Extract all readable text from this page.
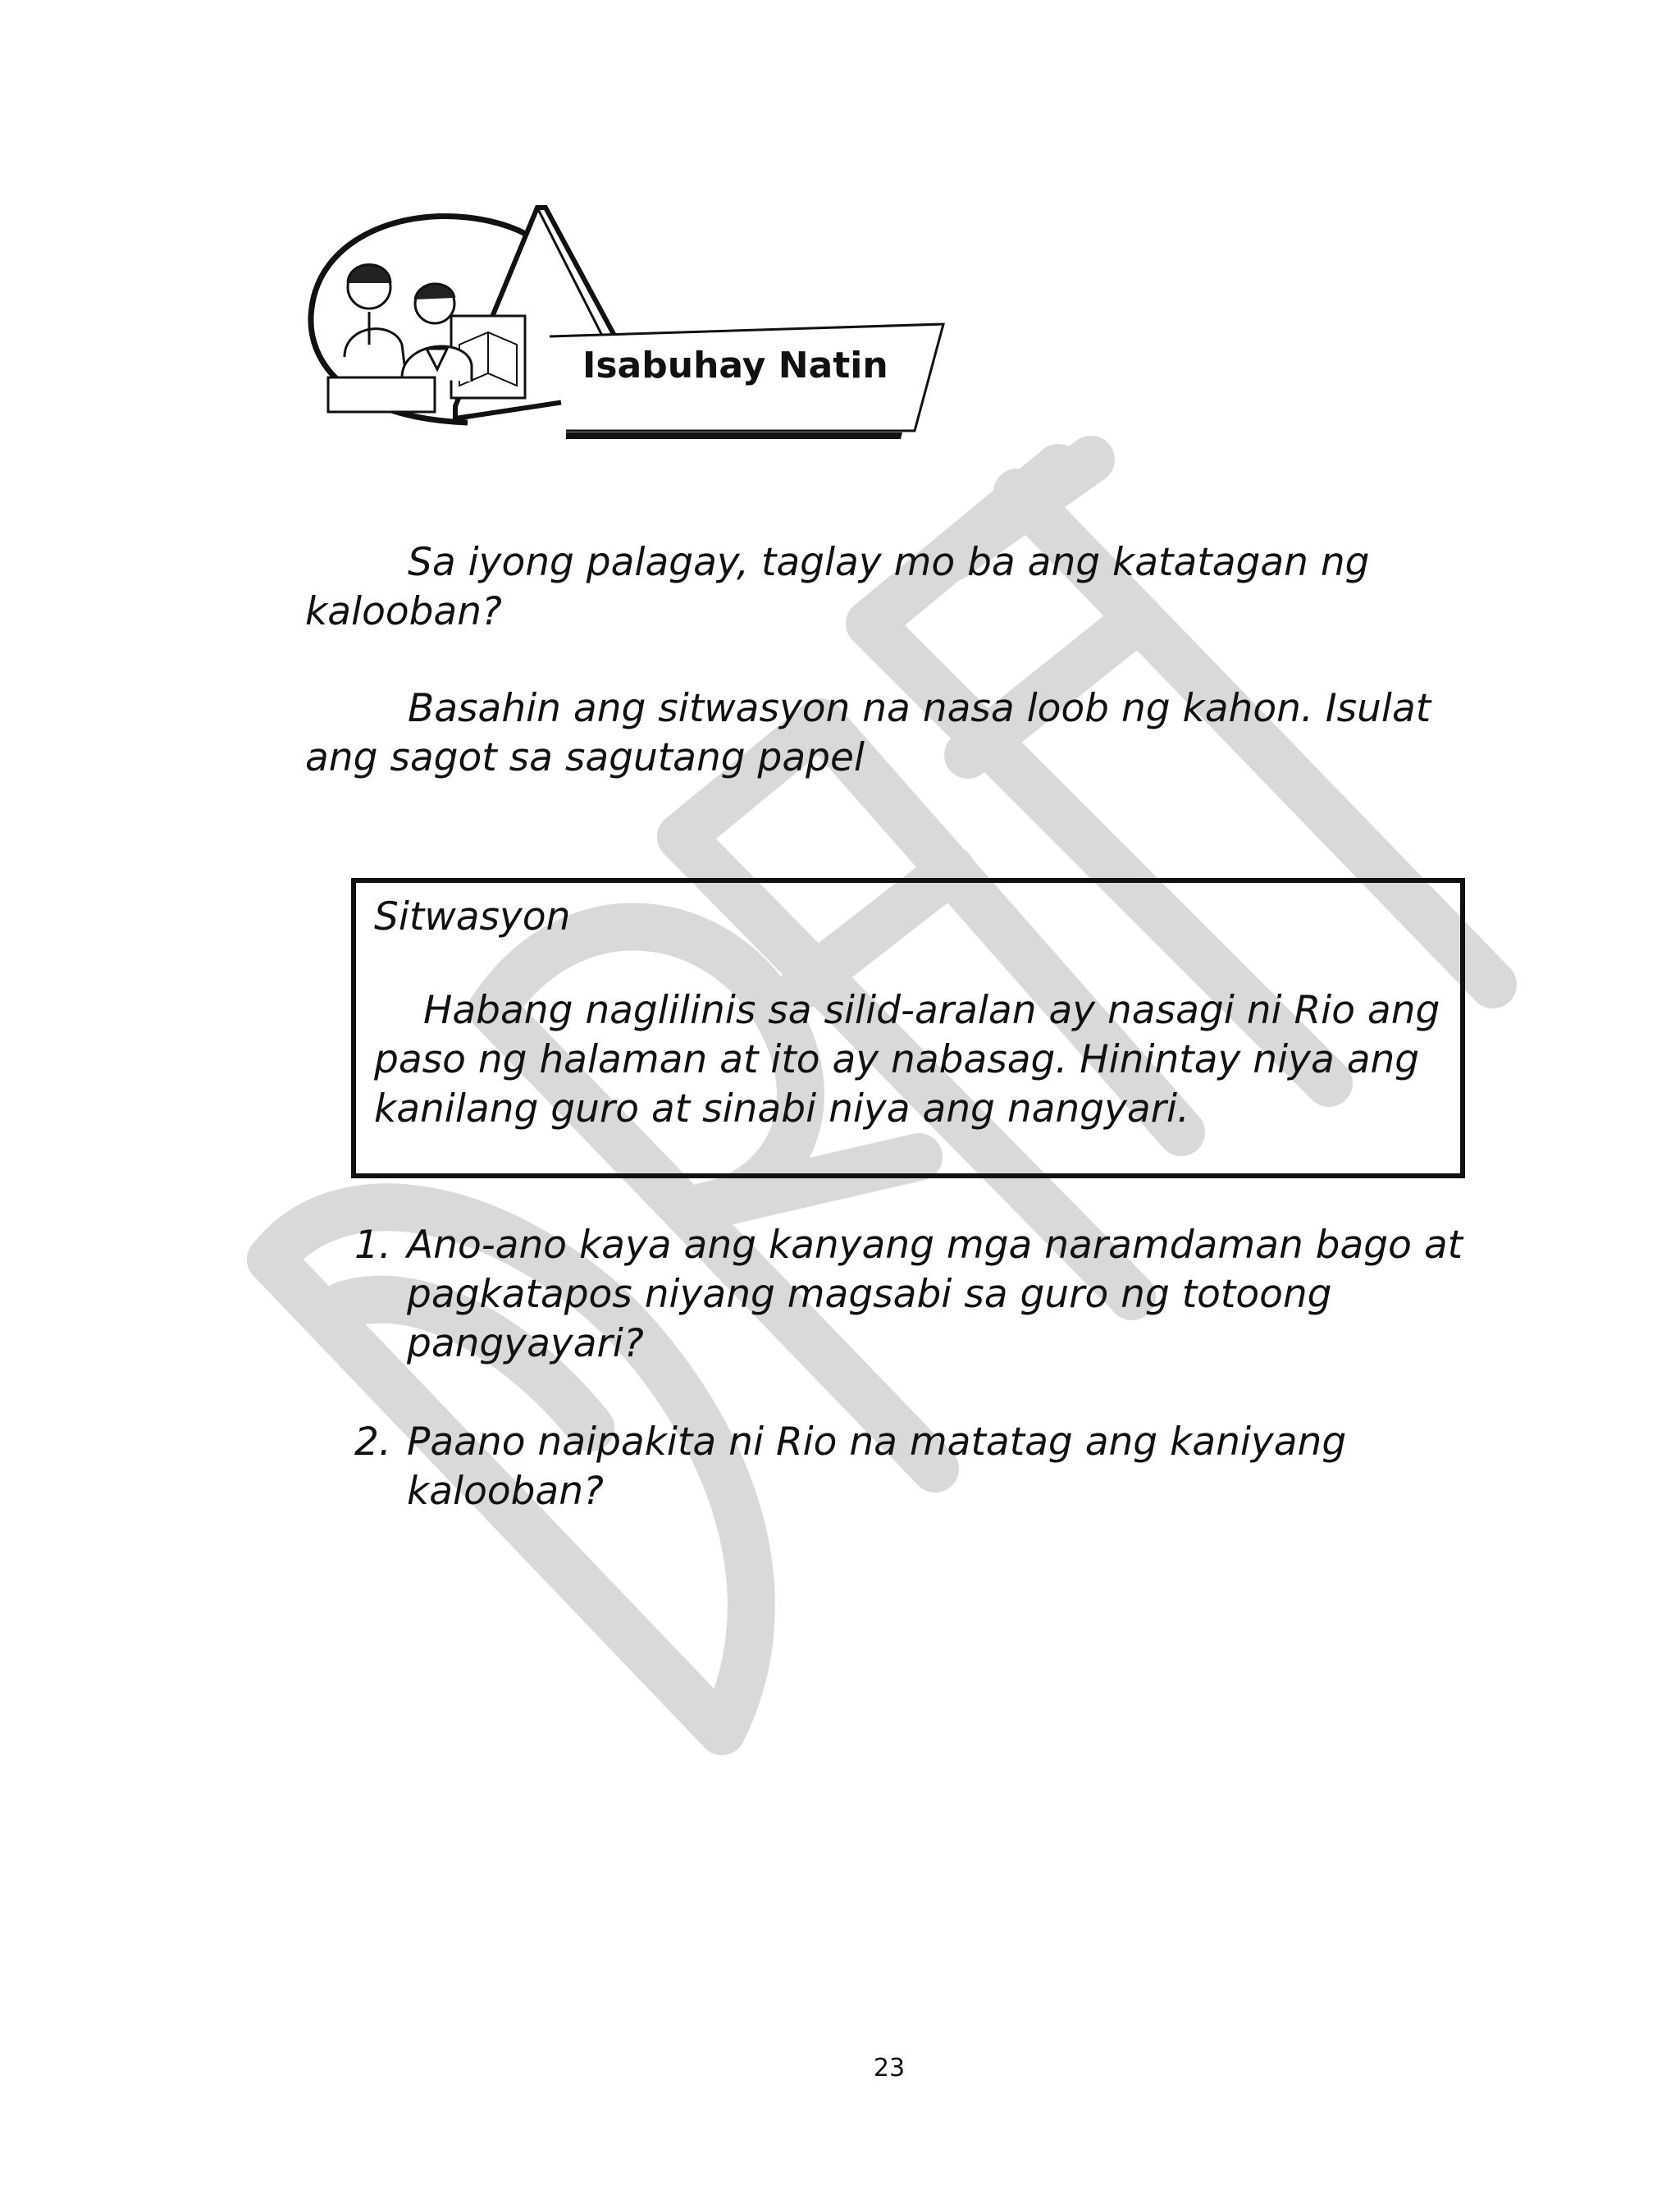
Isabuhay Natin

Sa iyong palagay, taglay mo ba ang katatagan ng kalooban?

Basahin ang sitwasyon na nasa loob ng kahon. Isulat ang sagot sa sagutang papel

Sitwasyon

Habang naglilinis sa silid-aralan ay nasagi ni Rio ang paso ng halaman at ito ay nabasag. Hinintay niya ang kanilang guro at sinabi niya ang nangyari.

1. Ano-ano kaya ang kanyang mga naramdaman bago at pagkatapos niyang magsabi sa guro ng totoong pangyayari?
2. Paano naipakita ni Rio na matatag ang kaniyang kalooban?
23
